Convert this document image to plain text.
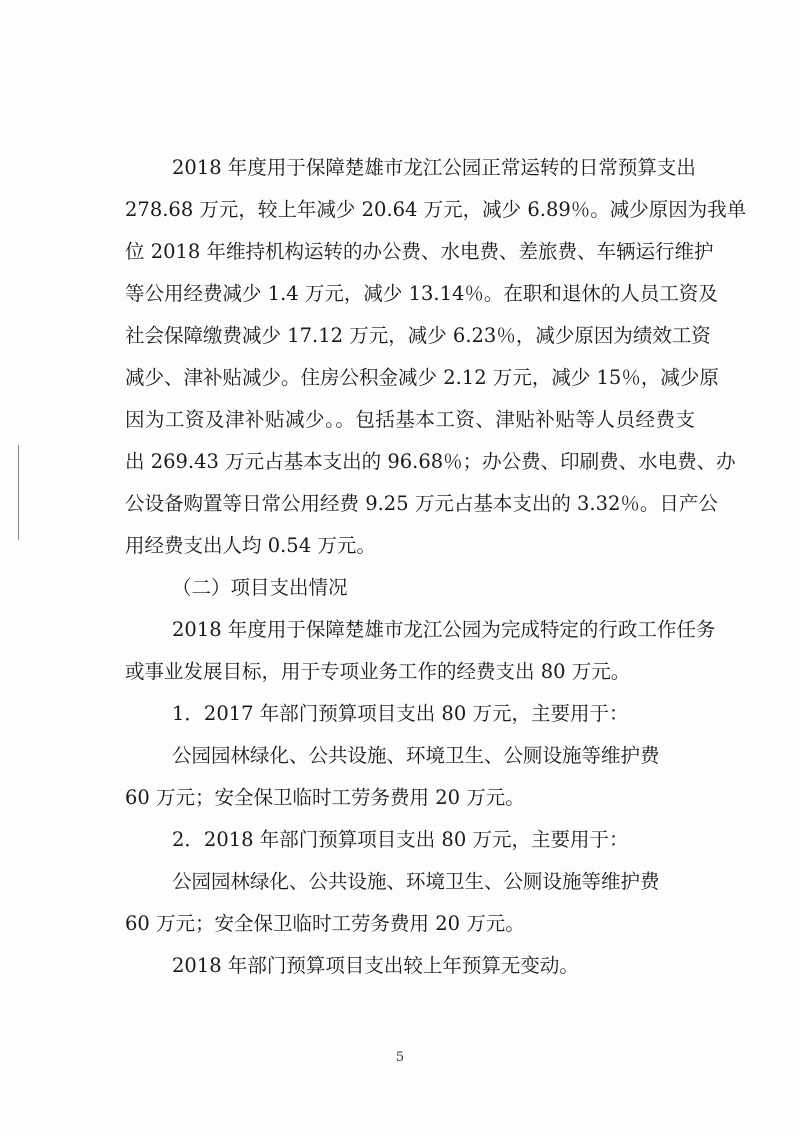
2018 年度用于保障楚雄市龙江公园正常运转的日常预算支出

278.68 万元，较上年减少 20.64 万元，减少 6.89％。减少原因为我单

位 2018 年维持机构运转的办公费、水电费、差旅费、车辆运行维护

等公用经费减少 1.4 万元，减少 13.14％。在职和退休的人员工资及

社会保障缴费减少 17.12 万元，减少 6.23％，减少原因为绩效工资

减少、津补贴减少。住房公积金减少 2.12 万元，减少 15％，减少原

因为工资及津补贴减少。。包括基本工资、津贴补贴等人员经费支

出 269.43 万元占基本支出的 96.68％；办公费、印刷费、水电费、办

公设备购置等日常公用经费 9.25 万元占基本支出的 3.32％。日产公

用经费支出人均 0.54 万元。

（二）项目支出情况

2018 年度用于保障楚雄市龙江公园为完成特定的行政工作任务

或事业发展目标，用于专项业务工作的经费支出 80 万元。

1．2017 年部门预算项目支出 80 万元，主要用于：

公园园林绿化、公共设施、环境卫生、公厕设施等维护费

60 万元；安全保卫临时工劳务费用 20 万元。

2．2018 年部门预算项目支出 80 万元，主要用于：

公园园林绿化、公共设施、环境卫生、公厕设施等维护费

60 万元；安全保卫临时工劳务费用 20 万元。

2018 年部门预算项目支出较上年预算无变动。

5
